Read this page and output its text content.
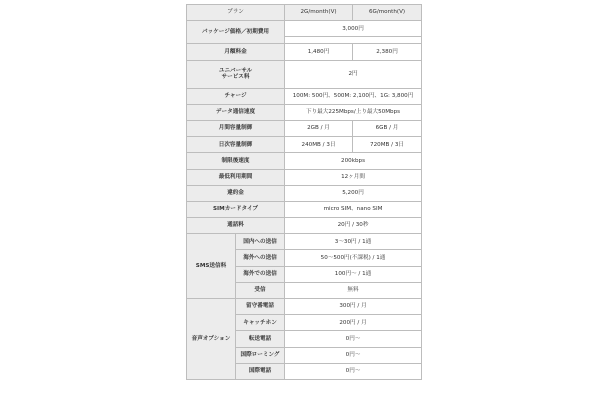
プラン		2G/month(V)	6G/month(V)
パッケージ価格／初期費用		3,000円	

月額料金		1,480円	2,380円

ユニバーサル
サービス料		2円	
チャージ		100M: 500円、500M: 2,100円、1G: 3,800円	
データ通信速度		下り最大225Mbps/上り最大50Mbps	
月間容量制御		2GB / 月	6GB / 月
日次容量制御		240MB / 3日	720MB / 3日
制限後速度		200kbps	
最低利用期間		12ヶ月間	
違約金		5,200円	
SIMカードタイプ		micro SIM、nano SIM	
通話料		20円 / 30秒	
SMS送信料	国内への送信	3〜30円 / 1通	
	海外への送信	50〜500円(不課税) / 1通	
	海外での送信	100円〜 / 1通	
	受信	無料	
音声オプション	留守番電話	300円 / 月	
	キャッチホン	200円 / 月	
	転送電話	0円〜	
	国際ローミング	0円〜	
	国際電話	0円〜	
